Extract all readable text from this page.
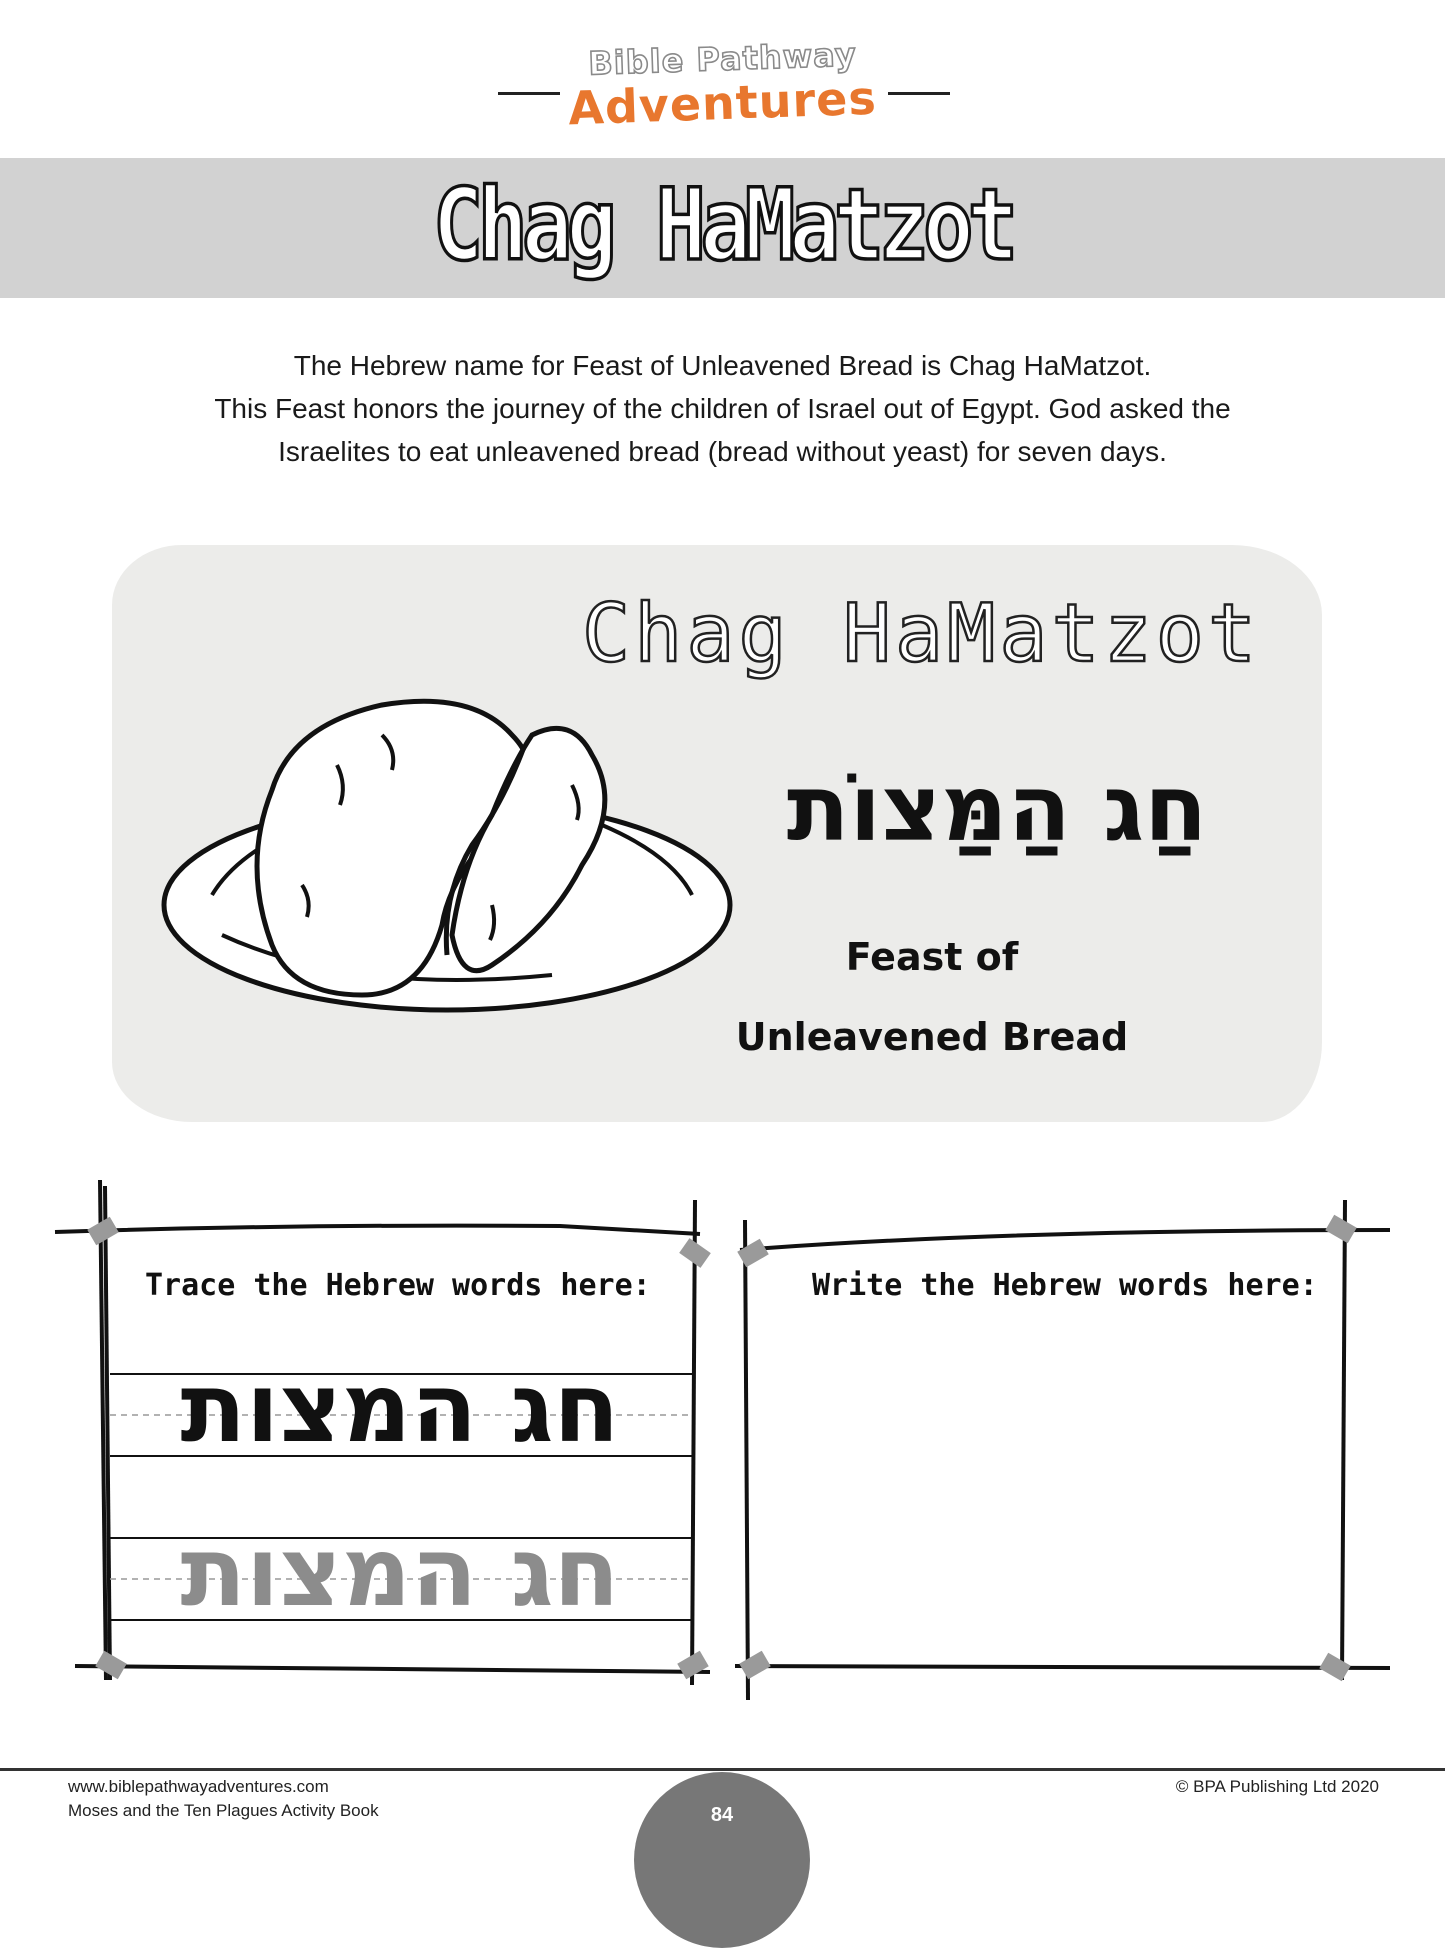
Bible Pathway
Adventures
Chag HaMatzot
The Hebrew name for Feast of Unleavened Bread is Chag HaMatzot.
This Feast honors the journey of the children of Israel out of Egypt. God asked the
Israelites to eat unleavened bread (bread without yeast) for seven days.
Chag HaMatzot
חַג הַמַּצוֹת
Feast of
Unleavened Bread
Trace the Hebrew words here:	Write the Hebrew words here:
חג המצות
חג המצות
www.biblepathwayadventures.com
Moses and the Ten Plagues Activity Book
© BPA Publishing Ltd 2020
84
